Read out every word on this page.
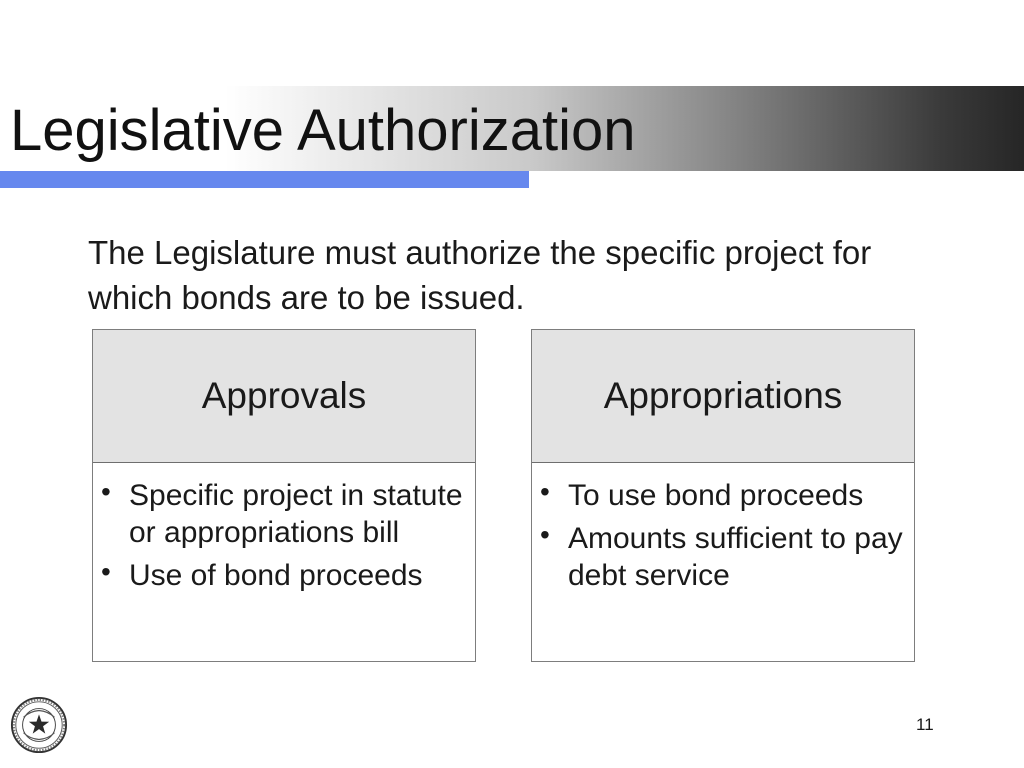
Legislative Authorization
The Legislature must authorize the specific project for which bonds are to be issued.
Approvals
• Specific project in statute or appropriations bill
• Use of bond proceeds
Appropriations
• To use bond proceeds
• Amounts sufficient to pay debt service
11
